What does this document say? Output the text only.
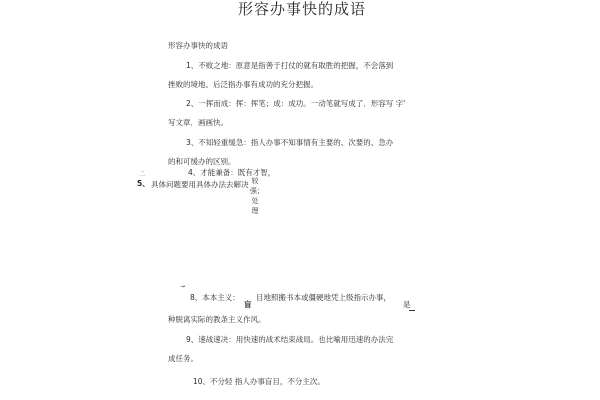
形容办事快的成语
形容办事快的成语
1、不败之地：原意是指善于打仗的就有取胜的把握，不会落到
挫败的境地。后泛指办事有成功的充分把握。
2、一挥而成：挥：挥笔；成：成功。一动笔就写成了．形容写 字'
写文章．画画快。
3、不知轻重缓急：指人办事不知事情有主要的、次要的、急办
的和可缓办的区别。
4、才能兼备：既有才智，
二
5、 具体问题要用具体办法去解决 较强；处理
→
8、本本主义： 目地照搬书本或僵硬地凭上级指示办事，
盲	是
种脱离实际的教条主义作风。
9、速战速决：用快速的战术结束战局。也比喻用迅速的办法完
成任务。
10、不分轻 指人办事盲目，不分主次。
